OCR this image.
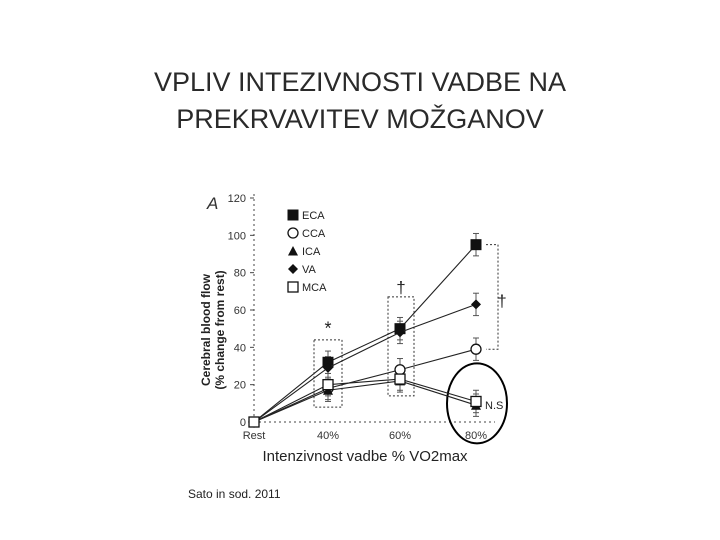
VPLIV INTEZIVNOSTI VADBE NA
PREKRVAVITEV MOŽGANOV
A
Cerebral blood flow (% change from rest)
0
20
40
60
80
100
120
Rest	40%	60%	80%
*
†
†
N.S
ECA
CCA
ICA
VA
MCA
Intenzivnost vadbe % VO2max
Sato in sod. 2011
